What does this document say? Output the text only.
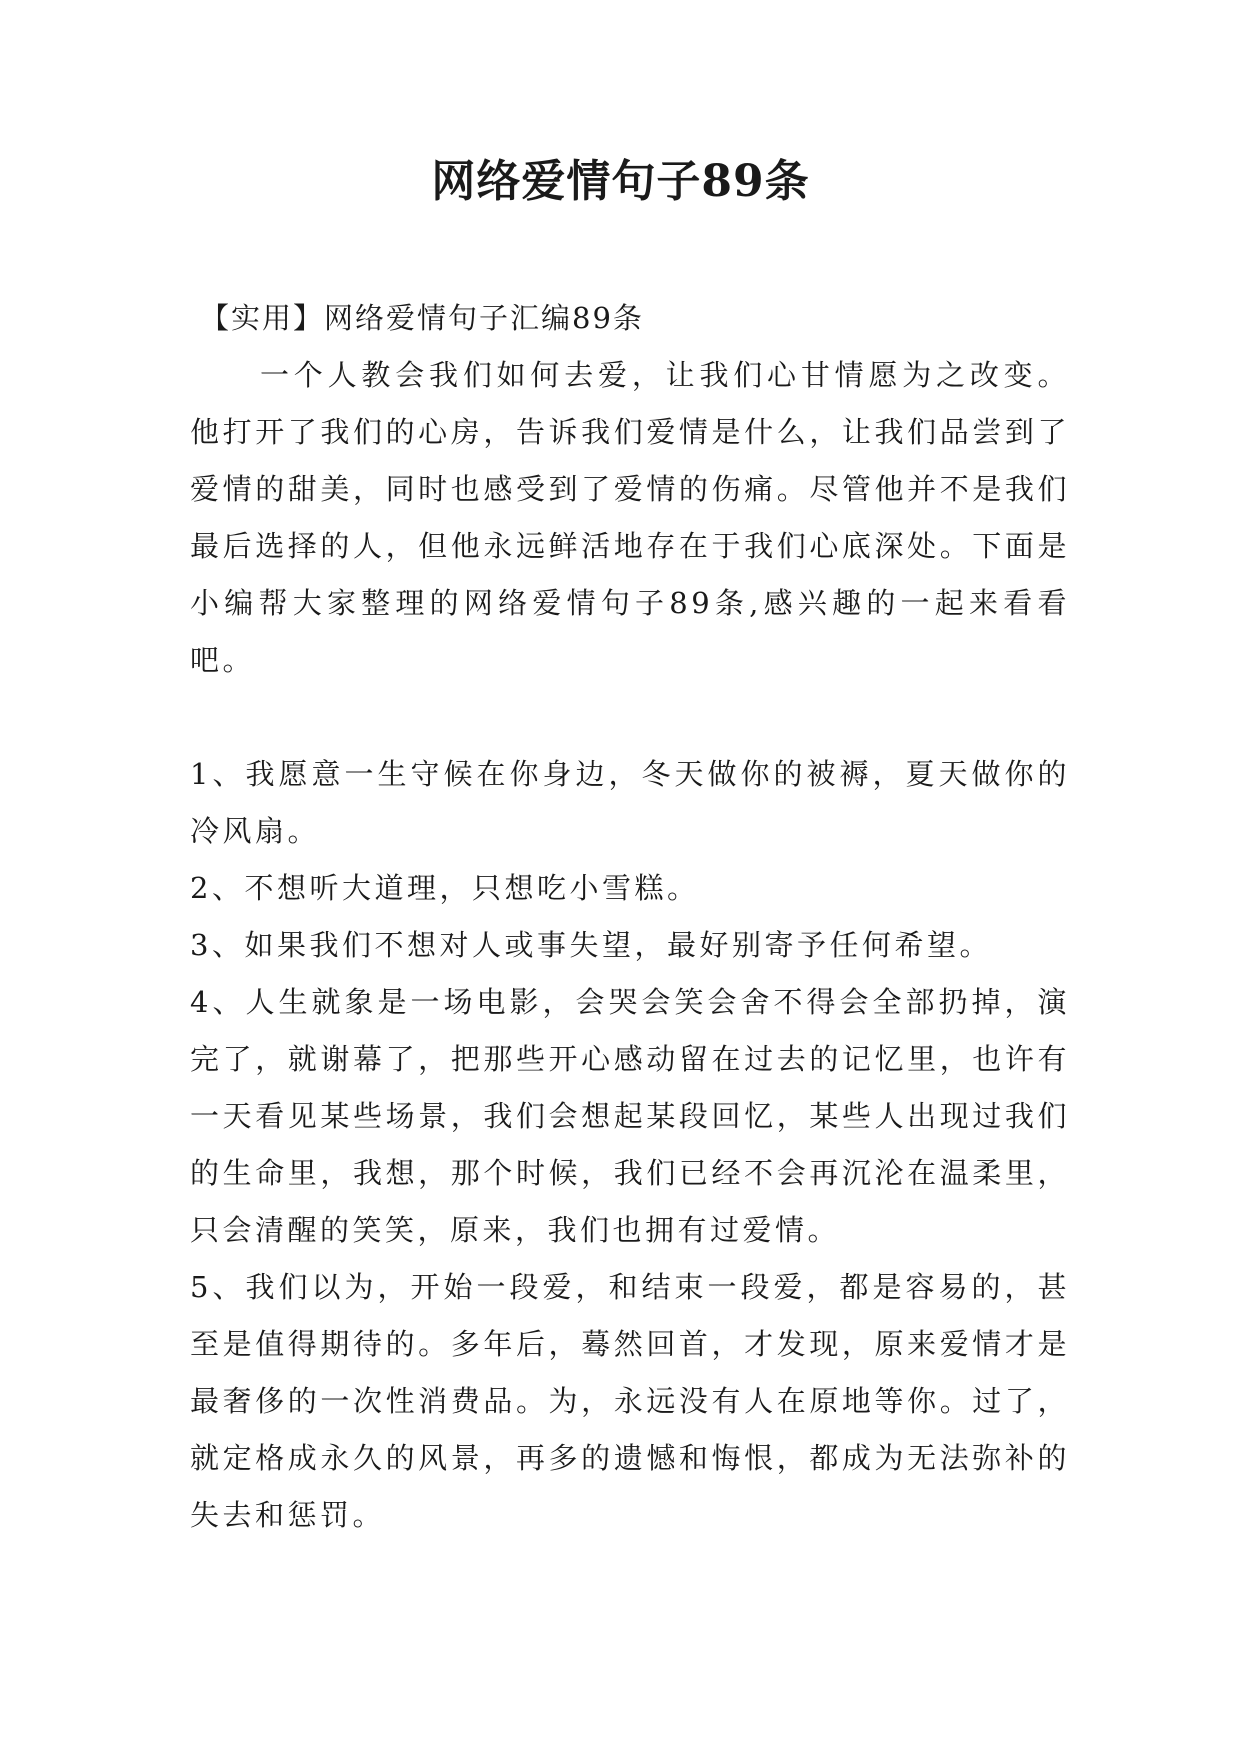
网络爱情句子89条

【实用】网络爱情句子汇编89条

一个人教会我们如何去爱，让我们心甘情愿为之改变。他打开了我们的心房，告诉我们爱情是什么，让我们品尝到了爱情的甜美，同时也感受到了爱情的伤痛。尽管他并不是我们最后选择的人，但他永远鲜活地存在于我们心底深处。下面是小编帮大家整理的网络爱情句子89条,感兴趣的一起来看看吧。

1、我愿意一生守候在你身边，冬天做你的被褥，夏天做你的冷风扇。

2、不想听大道理，只想吃小雪糕。

3、如果我们不想对人或事失望，最好别寄予任何希望。

4、人生就象是一场电影，会哭会笑会舍不得会全部扔掉，演完了，就谢幕了，把那些开心感动留在过去的记忆里，也许有一天看见某些场景，我们会想起某段回忆，某些人出现过我们的生命里，我想，那个时候，我们已经不会再沉沦在温柔里，只会清醒的笑笑，原来，我们也拥有过爱情。

5、我们以为，开始一段爱，和结束一段爱，都是容易的，甚至是值得期待的。多年后，蓦然回首，才发现，原来爱情才是最奢侈的一次性消费品。为，永远没有人在原地等你。过了，就定格成永久的风景，再多的遗憾和悔恨，都成为无法弥补的失去和惩罚。
